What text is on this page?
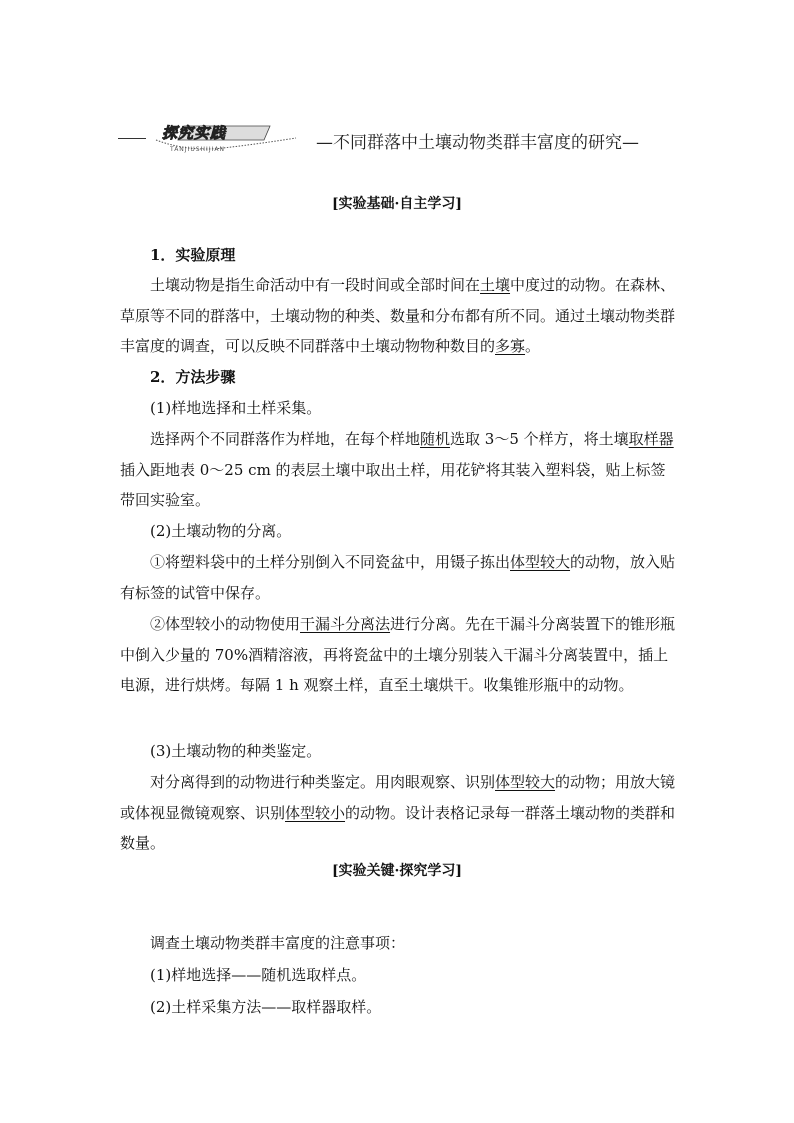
探究实践
TANJIUSHIJIAN	—不同群落中土壤动物类群丰富度的研究—
[实验基础·自主学习]

1．实验原理

土壤动物是指生命活动中有一段时间或全部时间在土壤中度过的动物。在森林、草原等不同的群落中，土壤动物的种类、数量和分布都有所不同。通过土壤动物类群丰富度的调查，可以反映不同群落中土壤动物物种数目的多寡。

2．方法步骤

(1)样地选择和土样采集。

选择两个不同群落作为样地，在每个样地随机选取 3～5 个样方，将土壤取样器插入距地表 0～25 cm 的表层土壤中取出土样，用花铲将其装入塑料袋，贴上标签带回实验室。

(2)土壤动物的分离。

①将塑料袋中的土样分别倒入不同瓷盆中，用镊子拣出体型较大的动物，放入贴有标签的试管中保存。

②体型较小的动物使用干漏斗分离法进行分离。先在干漏斗分离装置下的锥形瓶中倒入少量的 70%酒精溶液，再将瓷盆中的土壤分别装入干漏斗分离装置中，插上电源，进行烘烤。每隔 1 h 观察土样，直至土壤烘干。收集锥形瓶中的动物。

(3)土壤动物的种类鉴定。

对分离得到的动物进行种类鉴定。用肉眼观察、识别体型较大的动物；用放大镜或体视显微镜观察、识别体型较小的动物。设计表格记录每一群落土壤动物的类群和数量。

[实验关键·探究学习]

调查土壤动物类群丰富度的注意事项：

(1)样地选择——随机选取样点。

(2)土样采集方法——取样器取样。
